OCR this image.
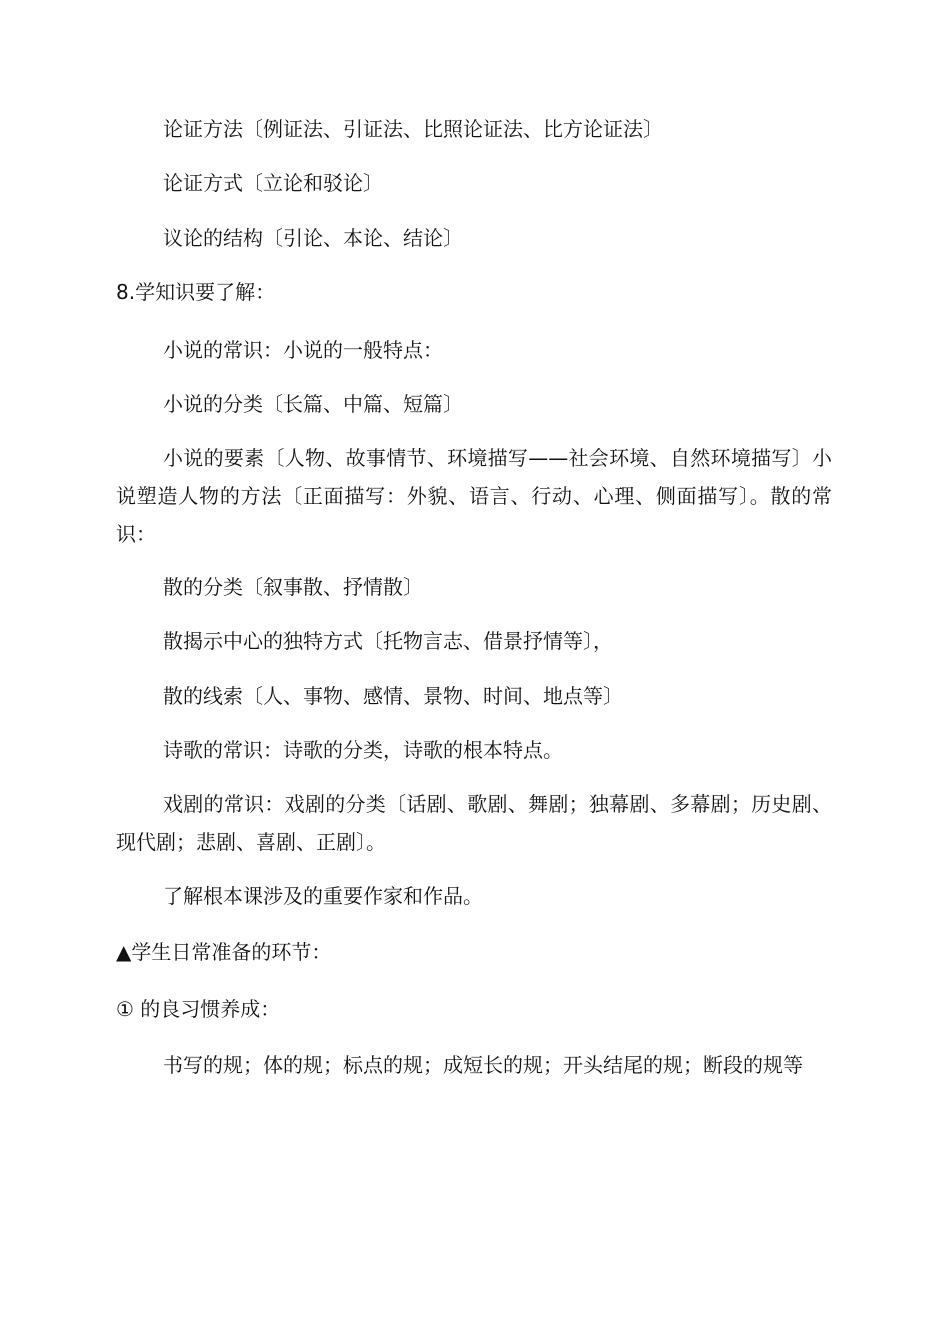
论证方法〔例证法、引证法、比照论证法、比方论证法〕
论证方式〔立论和驳论〕
议论的结构〔引论、本论、结论〕
8.学知识要了解：
小说的常识：小说的一般特点：
小说的分类〔长篇、中篇、短篇〕
小说的要素〔人物、故事情节、环境描写——社会环境、自然环境描写〕小说塑造人物的方法〔正面描写：外貌、语言、行动、心理、侧面描写〕。散的常识：
散的分类〔叙事散、抒情散〕
散揭示中心的独特方式〔托物言志、借景抒情等〕，
散的线索〔人、事物、感情、景物、时间、地点等〕
诗歌的常识：诗歌的分类，诗歌的根本特点。
戏剧的常识：戏剧的分类〔话剧、歌剧、舞剧；独幕剧、多幕剧；历史剧、现代剧；悲剧、喜剧、正剧〕。
了解根本课涉及的重要作家和作品。
▲学生日常准备的环节：
① 的良习惯养成：
书写的规；体的规；标点的规；成短长的规；开头结尾的规；断段的规等
